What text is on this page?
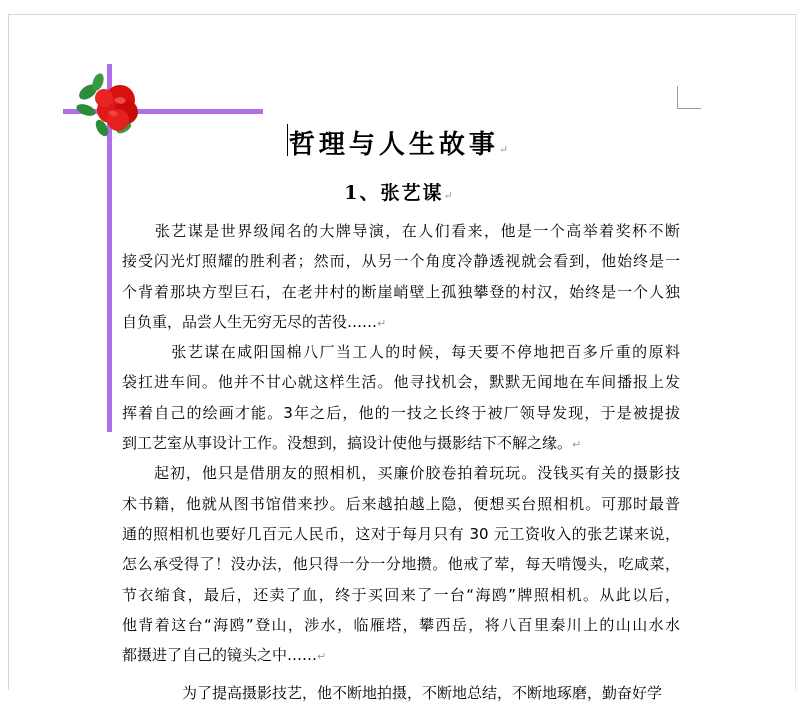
哲理与人生故事↵
1、张艺谋↵
　　张艺谋是世界级闻名的大牌导演，在人们看来，他是一个高举着奖杯不断
接受闪光灯照耀的胜利者；然而，从另一个角度冷静透视就会看到，他始终是一
个背着那块方型巨石，在老井村的断崖峭壁上孤独攀登的村汉，始终是一个人独
自负重，品尝人生无穷无尽的苦役……↵
　　　张艺谋在咸阳国棉八厂当工人的时候，每天要不停地把百多斤重的原料
袋扛进车间。他并不甘心就这样生活。他寻找机会，默默无闻地在车间播报上发
挥着自己的绘画才能。3年之后，他的一技之长终于被厂领导发现，于是被提拔
到工艺室从事设计工作。没想到，搞设计使他与摄影结下不解之缘。↵
　　起初，他只是借朋友的照相机，买廉价胶卷拍着玩玩。没钱买有关的摄影技
术书籍，他就从图书馆借来抄。后来越拍越上隐，便想买台照相机。可那时最普
通的照相机也要好几百元人民币，这对于每月只有 30 元工资收入的张艺谋来说，
怎么承受得了！没办法，他只得一分一分地攒。他戒了荤，每天啃馒头，吃咸菜，
节衣缩食，最后，还卖了血，终于买回来了一台“海鸥”牌照相机。从此以后，
他背着这台“海鸥”登山，涉水，临雁塔，攀西岳，将八百里秦川上的山山水水
都摄进了自己的镜头之中……↵
　　　　为了提高摄影技艺，他不断地拍摄，不断地总结，不断地琢磨，勤奋好学
